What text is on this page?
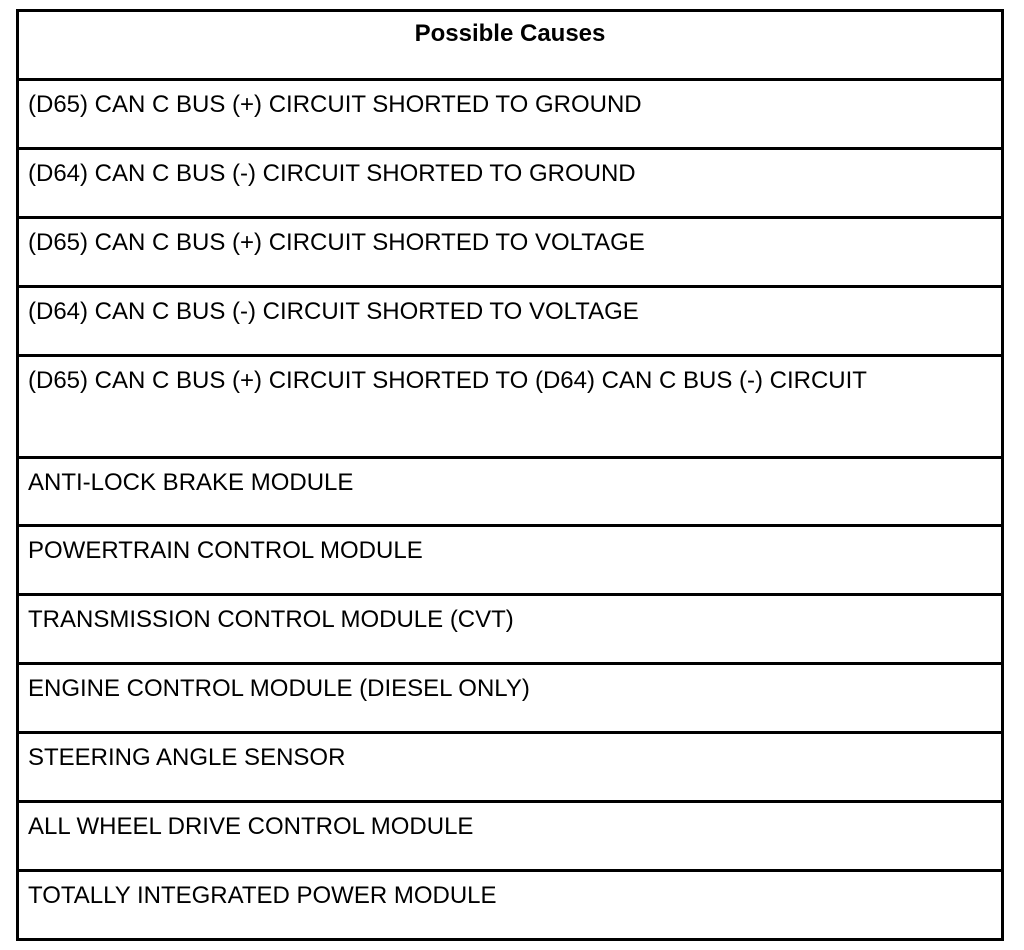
Possible Causes
(D65) CAN C BUS (+) CIRCUIT SHORTED TO GROUND
(D64) CAN C BUS (-) CIRCUIT SHORTED TO GROUND
(D65) CAN C BUS (+) CIRCUIT SHORTED TO VOLTAGE
(D64) CAN C BUS (-) CIRCUIT SHORTED TO VOLTAGE
(D65) CAN C BUS (+) CIRCUIT SHORTED TO (D64) CAN C BUS (-) CIRCUIT
ANTI-LOCK BRAKE MODULE
POWERTRAIN CONTROL MODULE
TRANSMISSION CONTROL MODULE (CVT)
ENGINE CONTROL MODULE (DIESEL ONLY)
STEERING ANGLE SENSOR
ALL WHEEL DRIVE CONTROL MODULE
TOTALLY INTEGRATED POWER MODULE
